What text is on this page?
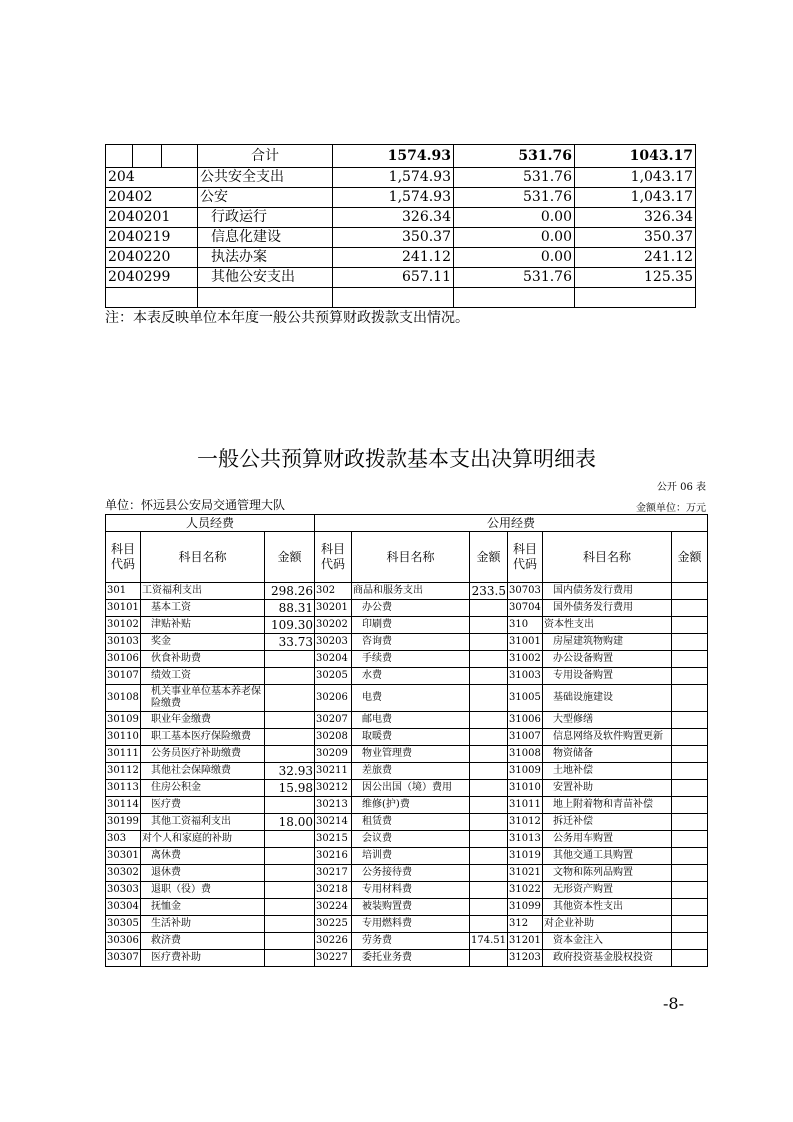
			合计	1574.93	531.76	1043.17
204			公共安全支出	1,574.93	531.76	1,043.17
20402			公安	1,574.93	531.76	1,043.17
2040201			行政运行	326.34	0.00	326.34
2040219			信息化建设	350.37	0.00	350.37
2040220			执法办案	241.12	0.00	241.12
2040299			其他公安支出	657.11	531.76	125.35

注：本表反映单位本年度一般公共预算财政拨款支出情况。
一般公共预算财政拨款基本支出决算明细表
公开 06 表
单位：怀远县公安局交通管理大队	金额单位：万元
人员经费			公用经费					
科目代码	科目名称	金额	科目代码	科目名称	金额	科目代码	科目名称	金额
301	工资福利支出	298.26	302	商品和服务支出	233.5	30703	国内债务发行费用	
30101	基本工资	88.31	30201	办公费		30704	国外债务发行费用	
30102	津贴补贴	109.30	30202	印刷费		310	资本性支出	
30103	奖金	33.73	30203	咨询费		31001	房屋建筑物购建	
30106	伙食补助费		30204	手续费		31002	办公设备购置	
30107	绩效工资		30205	水费		31003	专用设备购置	
30108	机关事业单位基本养老保险缴费		30206	电费		31005	基础设施建设	
30109	职业年金缴费		30207	邮电费		31006	大型修缮	
30110	职工基本医疗保险缴费		30208	取暖费		31007	信息网络及软件购置更新	
30111	公务员医疗补助缴费		30209	物业管理费		31008	物资储备	
30112	其他社会保障缴费	32.93	30211	差旅费		31009	土地补偿	
30113	住房公积金	15.98	30212	因公出国（境）费用		31010	安置补助	
30114	医疗费		30213	维修(护)费		31011	地上附着物和青苗补偿	
30199	其他工资福利支出	18.00	30214	租赁费		31012	拆迁补偿	
303	对个人和家庭的补助		30215	会议费		31013	公务用车购置	
30301	离休费		30216	培训费		31019	其他交通工具购置	
30302	退休费		30217	公务接待费		31021	文物和陈列品购置	
30303	退职（役）费		30218	专用材料费		31022	无形资产购置	
30304	抚恤金		30224	被装购置费		31099	其他资本性支出	
30305	生活补助		30225	专用燃料费		312	对企业补助	
30306	救济费		30226	劳务费	174.51	31201	资本金注入	
30307	医疗费补助		30227	委托业务费		31203	政府投资基金股权投资	
-8-
